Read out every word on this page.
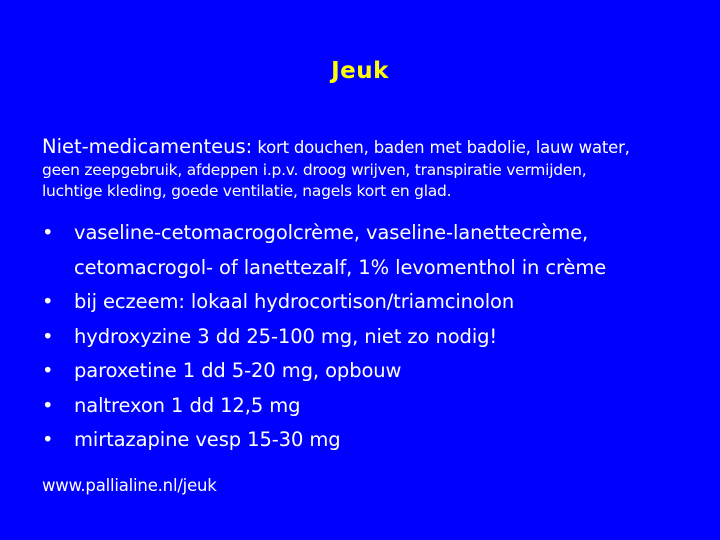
Jeuk
Niet-medicamenteus: kort douchen, baden met badolie, lauw water,
geen zeepgebruik, afdeppen i.p.v. droog wrijven, transpiratie vermijden,
luchtige kleding, goede ventilatie, nagels kort en glad.
• vaseline-cetomacrogolcrème, vaseline-lanettecrème,
cetomacrogol- of lanettezalf, 1% levomenthol in crème
• bij eczeem: lokaal hydrocortison/triamcinolon
• hydroxyzine 3 dd 25-100 mg, niet zo nodig!
• paroxetine 1 dd 5-20 mg, opbouw
• naltrexon 1 dd 12,5 mg
• mirtazapine vesp 15-30 mg
www.pallialine.nl/jeuk
